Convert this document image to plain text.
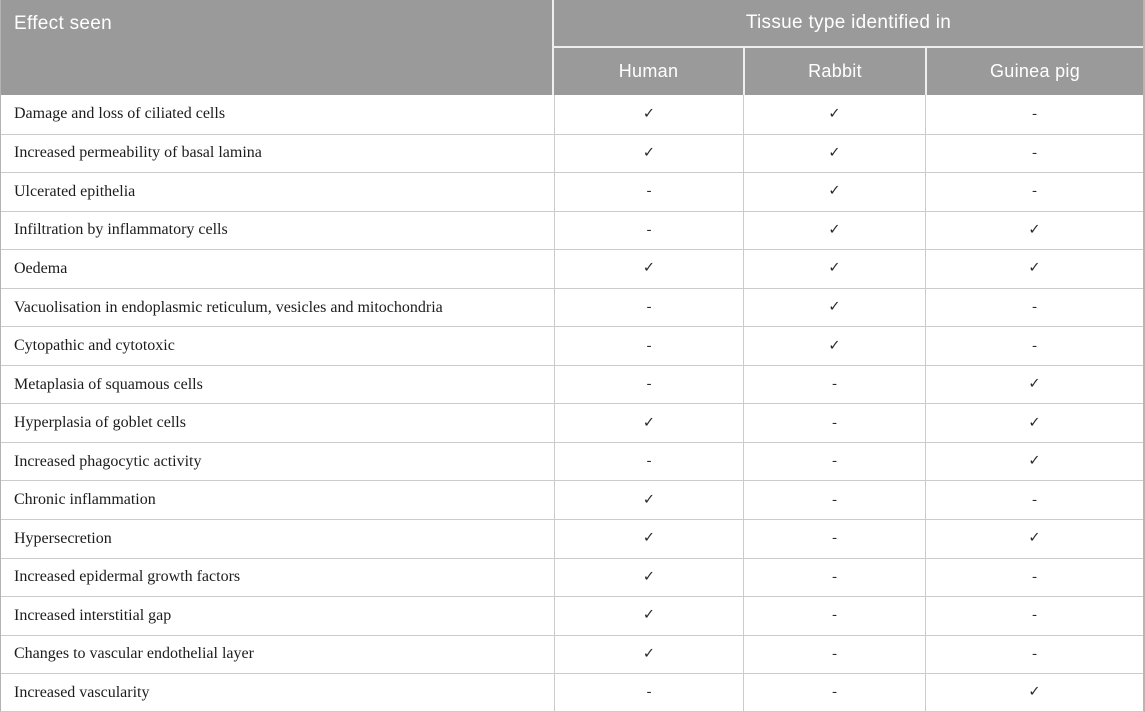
Effect seen	Tissue type identified in
Human	Rabbit	Guinea pig
Damage and loss of ciliated cells	✓	✓	-
Increased permeability of basal lamina	✓	✓	-
Ulcerated epithelia	-	✓	-
Infiltration by inflammatory cells	-	✓	✓
Oedema	✓	✓	✓
Vacuolisation in endoplasmic reticulum, vesicles and mitochondria	-	✓	-
Cytopathic and cytotoxic	-	✓	-
Metaplasia of squamous cells	-	-	✓
Hyperplasia of goblet cells	✓	-	✓
Increased phagocytic activity	-	-	✓
Chronic inflammation	✓	-	-
Hypersecretion	✓	-	✓
Increased epidermal growth factors	✓	-	-
Increased interstitial gap	✓	-	-
Changes to vascular endothelial layer	✓	-	-
Increased vascularity	-	-	✓
